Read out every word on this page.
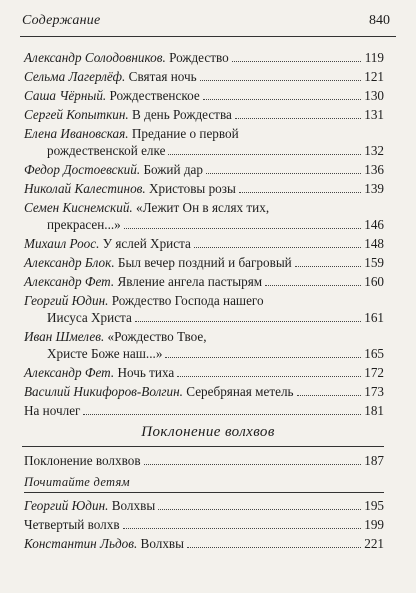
Содержание	840
Александр Солодовников. Рождество	119
Сельма Лагерлёф. Святая ночь	121
Саша Чёрный. Рождественское	130
Сергей Копыткин. В день Рождества	131
Елена Ивановская. Предание о первой
рождественской елке	132
Федор Достоевский. Божий дар	136
Николай Калестинов. Христовы розы	139
Семен Киснемский. «Лежит Он в яслях тих,
прекрасен...»	146
Михаил Роос. У яслей Христа	148
Александр Блок. Был вечер поздний и багровый	159
Александр Фет. Явление ангела пастырям	160
Георгий Юдин. Рождество Господа нашего
Иисуса Христа	161
Иван Шмелев. «Рождество Твое,
Христе Боже наш...»	165
Александр Фет. Ночь тиха	172
Василий Никифоров-Волгин. Серебряная метель	173
На ночлег	181
Поклонение волхвов
Поклонение волхвов	187
Почитайте детям
Георгий Юдин. Волхвы	195
Четвертый волхв	199
Константин Льдов. Волхвы	221
